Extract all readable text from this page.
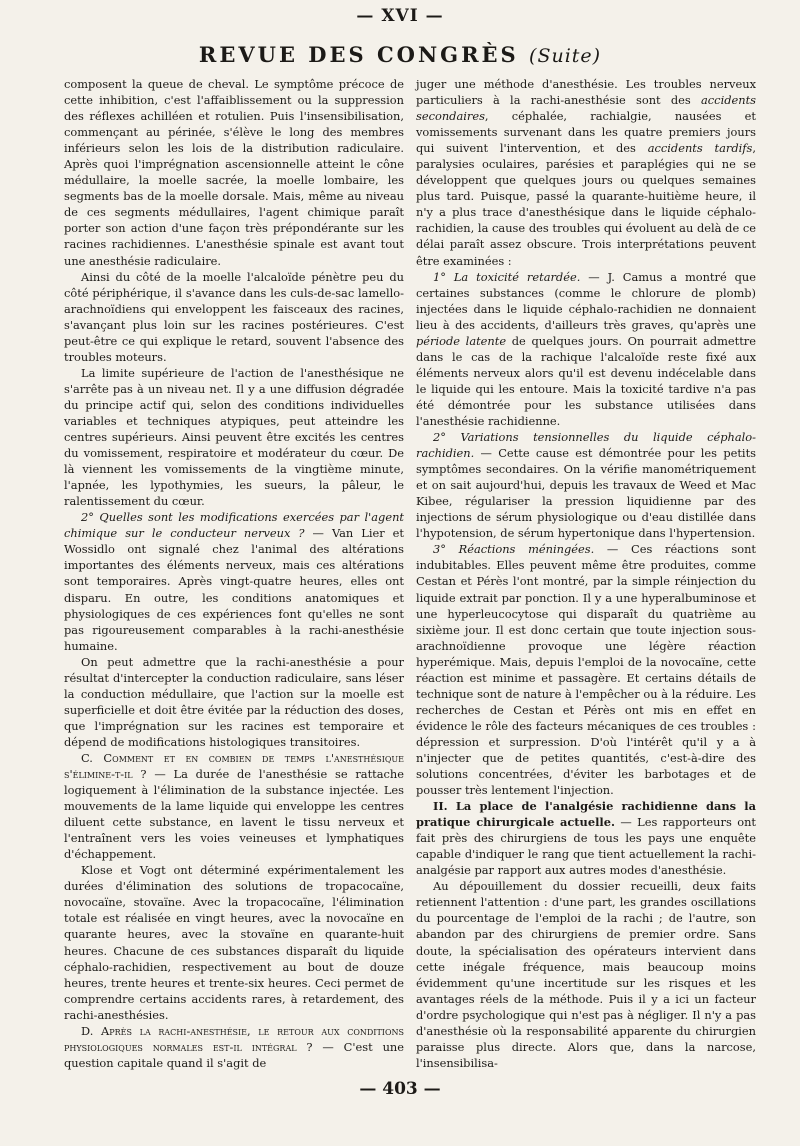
— XVI —
REVUE DES CONGRÈS (Suite)

composent la queue de cheval. Le symptôme précoce de cette inhibition, c'est l'affaiblissement ou la suppression des réflexes achilléen et rotulien. Puis l'insensibilisation, commençant au périnée, s'élève le long des membres inférieurs selon les lois de la distribution radiculaire. Après quoi l'imprégnation ascensionnelle atteint le cône médullaire, la moelle sacrée, la moelle lombaire, les segments bas de la moelle dorsale. Mais, même au niveau de ces segments médullaires, l'agent chimique paraît porter son action d'une façon très prépondérante sur les racines rachidiennes. L'anesthésie spinale est avant tout une anesthésie radiculaire.

Ainsi du côté de la moelle l'alcaloïde pénètre peu du côté périphérique, il s'avance dans les culs-de-sac lamello-arachnoïdiens qui enveloppent les faisceaux des racines, s'avançant plus loin sur les racines postérieures. C'est peut-être ce qui explique le retard, souvent l'absence des troubles moteurs.

La limite supérieure de l'action de l'anesthésique ne s'arrête pas à un niveau net. Il y a une diffusion dégradée du principe actif qui, selon des conditions individuelles variables et techniques atypiques, peut atteindre les centres supérieurs. Ainsi peuvent être excités les centres du vomissement, respiratoire et modérateur du cœur. De là viennent les vomissements de la vingtième minute, l'apnée, les lypothymies, les sueurs, la pâleur, le ralentissement du cœur.

2° Quelles sont les modifications exercées par l'agent chimique sur le conducteur nerveux ? — Van Lier et Wossidlo ont signalé chez l'animal des altérations importantes des éléments nerveux, mais ces altérations sont temporaires. Après vingt-quatre heures, elles ont disparu. En outre, les conditions anatomiques et physiologiques de ces expériences font qu'elles ne sont pas rigoureusement comparables à la rachi-anesthésie humaine.

On peut admettre que la rachi-anesthésie a pour résultat d'intercepter la conduction radiculaire, sans léser la conduction médullaire, que l'action sur la moelle est superficielle et doit être évitée par la réduction des doses, que l'imprégnation sur les racines est temporaire et dépend de modifications histologiques transitoires.

C. Comment et en combien de temps l'anesthésique s'élimine-t-il ? — La durée de l'anesthésie se rattache logiquement à l'élimination de la substance injectée. Les mouvements de la lame liquide qui enveloppe les centres diluent cette substance, en lavent le tissu nerveux et l'entraînent vers les voies veineuses et lymphatiques d'échappement.

Klose et Vogt ont déterminé expérimentalement les durées d'élimination des solutions de tropacocaïne, novocaïne, stovaïne. Avec la tropacocaïne, l'élimination totale est réalisée en vingt heures, avec la novocaïne en quarante heures, avec la stovaïne en quarante-huit heures. Chacune de ces substances disparaît du liquide céphalo-rachidien, respectivement au bout de douze heures, trente heures et trente-six heures. Ceci permet de comprendre certains accidents rares, à retardement, des rachi-anesthésies.

D. Après la rachi-anesthésie, le retour aux conditions physiologiques normales est-il intégral ? — C'est une question capitale quand il s'agit de

juger une méthode d'anesthésie. Les troubles nerveux particuliers à la rachi-anesthésie sont des accidents secondaires, céphalée, rachialgie, nausées et vomissements survenant dans les quatre premiers jours qui suivent l'intervention, et des accidents tardifs, paralysies oculaires, parésies et paraplégies qui ne se développent que quelques jours ou quelques semaines plus tard. Puisque, passé la quarante-huitième heure, il n'y a plus trace d'anesthésique dans le liquide céphalo-rachidien, la cause des troubles qui évoluent au delà de ce délai paraît assez obscure. Trois interprétations peuvent être examinées :

1° La toxicité retardée. — J. Camus a montré que certaines substances (comme le chlorure de plomb) injectées dans le liquide céphalo-rachidien ne donnaient lieu à des accidents, d'ailleurs très graves, qu'après une période latente de quelques jours. On pourrait admettre dans le cas de la rachique l'alcaloïde reste fixé aux éléments nerveux alors qu'il est devenu indécelable dans le liquide qui les entoure. Mais la toxicité tardive n'a pas été démontrée pour les substance utilisées dans l'anesthésie rachidienne.

2° Variations tensionnelles du liquide céphalo-rachidien. — Cette cause est démontrée pour les petits symptômes secondaires. On la vérifie manométriquement et on sait aujourd'hui, depuis les travaux de Weed et Mac Kibee, régulariser la pression liquidienne par des injections de sérum physiologique ou d'eau distillée dans l'hypotension, de sérum hypertonique dans l'hypertension.

3° Réactions méningées. — Ces réactions sont indubitables. Elles peuvent même être produites, comme Cestan et Pérès l'ont montré, par la simple réinjection du liquide extrait par ponction. Il y a une hyperalbuminose et une hyperleucocytose qui disparaît du quatrième au sixième jour. Il est donc certain que toute injection sous-arachnoïdienne provoque une légère réaction hyperémique. Mais, depuis l'emploi de la novocaïne, cette réaction est minime et passagère. Et certains détails de technique sont de nature à l'empêcher ou à la réduire. Les recherches de Cestan et Pérès ont mis en effet en évidence le rôle des facteurs mécaniques de ces troubles : dépression et surpression. D'où l'intérêt qu'il y a à n'injecter que de petites quantités, c'est-à-dire des solutions concentrées, d'éviter les barbotages et de pousser très lentement l'injection.

II. La place de l'analgésie rachidienne dans la pratique chirurgicale actuelle. — Les rapporteurs ont fait près des chirurgiens de tous les pays une enquête capable d'indiquer le rang que tient actuellement la rachi-analgésie par rapport aux autres modes d'anesthésie.

Au dépouillement du dossier recueilli, deux faits retiennent l'attention : d'une part, les grandes oscillations du pourcentage de l'emploi de la rachi ; de l'autre, son abandon par des chirurgiens de premier ordre. Sans doute, la spécialisation des opérateurs intervient dans cette inégale fréquence, mais beaucoup moins évidemment qu'une incertitude sur les risques et les avantages réels de la méthode. Puis il y a ici un facteur d'ordre psychologique qui n'est pas à négliger. Il n'y a pas d'anesthésie où la responsabilité apparente du chirurgien paraisse plus directe. Alors que, dans la narcose, l'insensibilisa-

— 403 —
